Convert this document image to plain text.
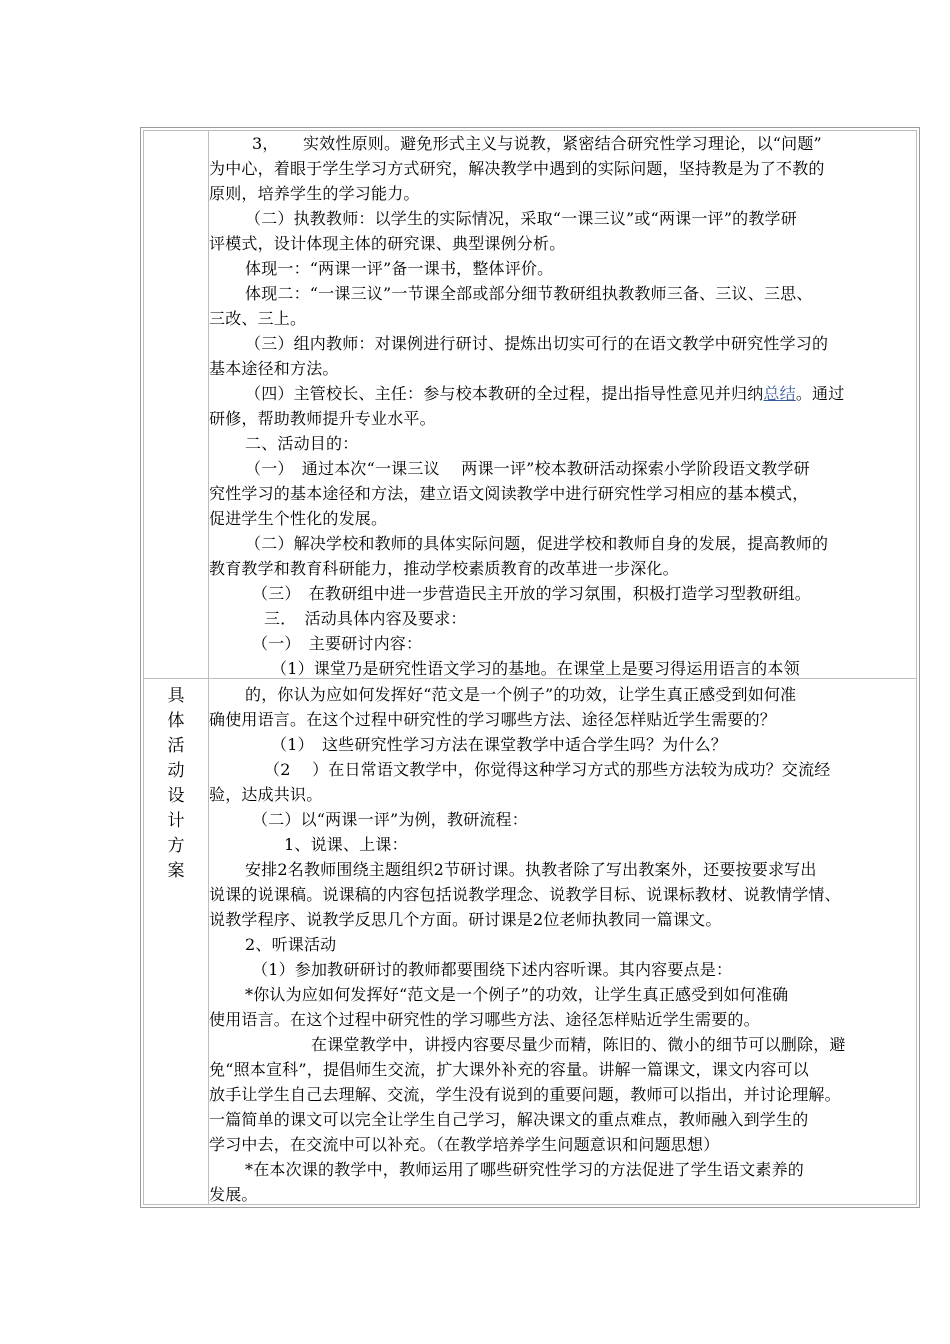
3，　　实效性原则。避免形式主义与说教，紧密结合研究性学习理论，以“问题”
为中心，着眼于学生学习方式研究，解决教学中遇到的实际问题，坚持教是为了不教的
原则，培养学生的学习能力。
（二）执教教师：以学生的实际情况，采取“一课三议”或“两课一评”的教学研
评模式，设计体现主体的研究课、典型课例分析。
体现一：“两课一评”备一课书，整体评价。
体现二：“一课三议”一节课全部或部分细节教研组执教教师三备、三议、三思、
三改、三上。
（三）组内教师：对课例进行研讨、提炼出切实可行的在语文教学中研究性学习的
基本途径和方法。
（四）主管校长、主任：参与校本教研的全过程，提出指导性意见并归纳总结。通过
研修，帮助教师提升专业水平。
二、活动目的：
（一）　通过本次“一课三议　 两课一评”校本教研活动探索小学阶段语文教学研
究性学习的基本途径和方法，建立语文阅读教学中进行研究性学习相应的基本模式，
促进学生个性化的发展。
（二）解决学校和教师的具体实际问题，促进学校和教师自身的发展，提高教师的
教育教学和教育科研能力，推动学校素质教育的改革进一步深化。
（三）　在教研组中进一步营造民主开放的学习氛围，积极打造学习型教研组。
三．　活动具体内容及要求：
（一）　主要研讨内容：
（1）课堂乃是研究性语文学习的基地。在课堂上是要习得运用语言的本领
具
体
活
动
设
计
方
案
的，你认为应如何发挥好“范文是一个例子”的功效，让学生真正感受到如何准
确使用语言。在这个过程中研究性的学习哪些方法、途径怎样贴近学生需要的？
（1）　这些研究性学习方法在课堂教学中适合学生吗？为什么？
（2　 ）在日常语文教学中，你觉得这种学习方式的那些方法较为成功？交流经
验，达成共识。
（二）以“两课一评”为例，教研流程：
1、说课、上课：
安排2名教师围绕主题组织2节研讨课。执教者除了写出教案外，还要按要求写出
说课的说课稿。说课稿的内容包括说教学理念、说教学目标、说课标教材、说教情学情、
说教学程序、说教学反思几个方面。研讨课是2位老师执教同一篇课文。
2、听课活动
（1）参加教研研讨的教师都要围绕下述内容听课。其内容要点是：
*你认为应如何发挥好“范文是一个例子”的功效，让学生真正感受到如何准确
使用语言。在这个过程中研究性的学习哪些方法、途径怎样贴近学生需要的。
在课堂教学中，讲授内容要尽量少而精，陈旧的、微小的细节可以删除，避
免“照本宣科”，提倡师生交流，扩大课外补充的容量。讲解一篇课文，课文内容可以
放手让学生自己去理解、交流，学生没有说到的重要问题，教师可以指出，并讨论理解。
一篇简单的课文可以完全让学生自己学习，解决课文的重点难点，教师融入到学生的
学习中去，在交流中可以补充。（在教学培养学生问题意识和问题思想）
*在本次课的教学中，教师运用了哪些研究性学习的方法促进了学生语文素养的
发展。
